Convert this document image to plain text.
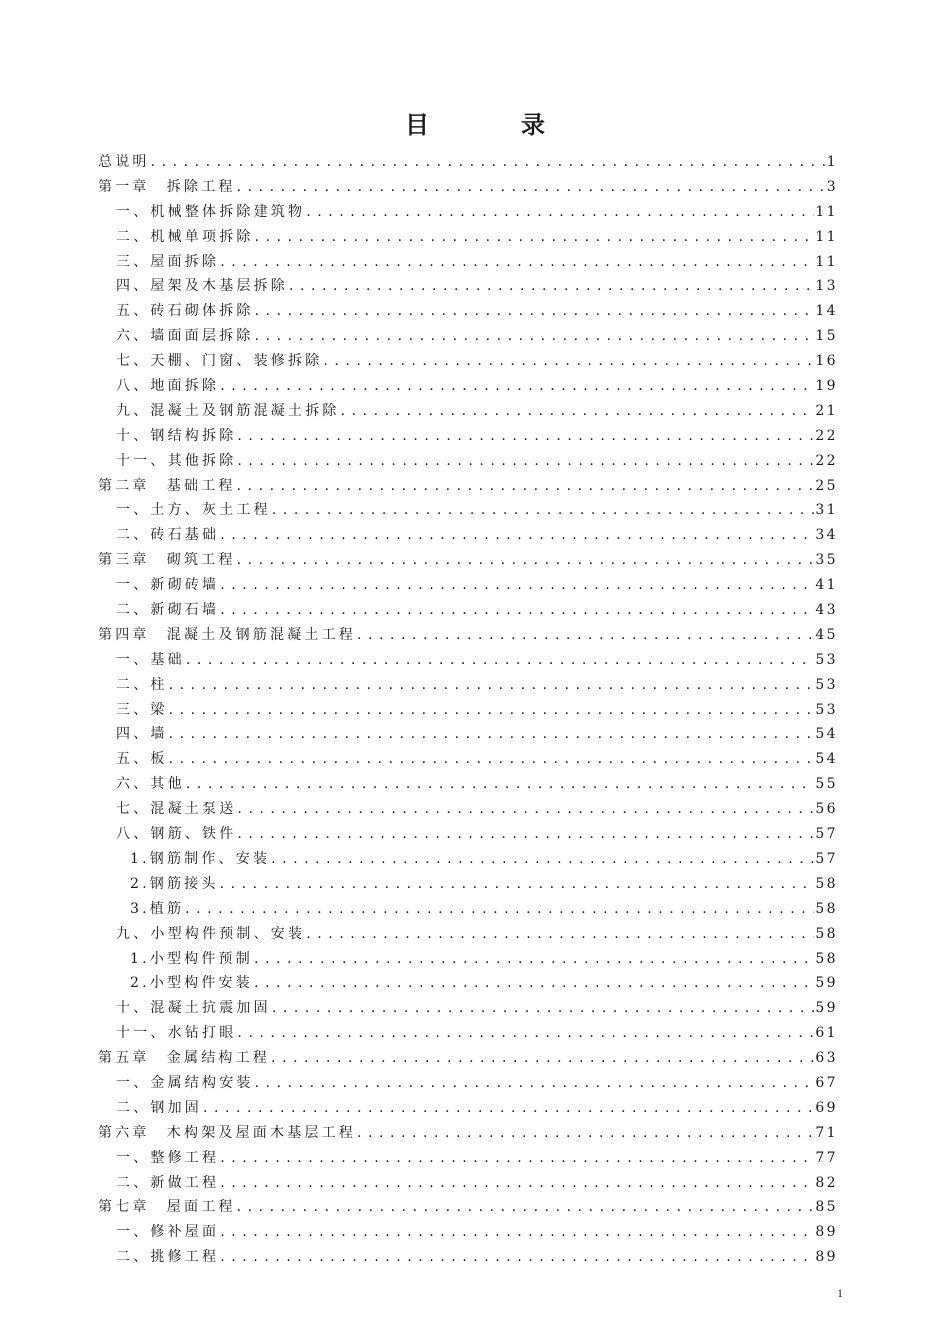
目　录
总说明 . . .	1
第一章　拆除工程 . . .	3
一、机械整体拆除建筑物 . . .	11
二、机械单项拆除 . . .	11
三、屋面拆除 . . .	11
四、屋架及木基层拆除 . . .	13
五、砖石砌体拆除 . . .	14
六、墙面面层拆除 . . .	15
七、天棚、门窗、装修拆除 . . .	16
八、地面拆除 . . .	19
九、混凝土及钢筋混凝土拆除 . . .	21
十、钢结构拆除 . . .	22
十一、其他拆除 . . .	22
第二章　基础工程 . . .	25
一、土方、灰土工程 . . .	31
二、砖石基础 . . .	34
第三章　砌筑工程 . . .	35
一、新砌砖墙 . . .	41
二、新砌石墙 . . .	43
第四章　混凝土及钢筋混凝土工程 . . .	45
一、基础 . . .	53
二、柱 . . .	53
三、梁 . . .	53
四、墙 . . .	54
五、板 . . .	54
六、其他 . . .	55
七、混凝土泵送 . . .	56
八、钢筋、铁件 . . .	57
1.钢筋制作、安装 . . .	57
2.钢筋接头 . . .	58
3.植筋 . . .	58
九、小型构件预制、安装 . . .	58
1.小型构件预制 . . .	58
2.小型构件安装 . . .	59
十、混凝土抗震加固 . . .	59
十一、水钻打眼 . . .	61
第五章　金属结构工程 . . .	63
一、金属结构安装 . . .	67
二、钢加固 . . .	69
第六章　木构架及屋面木基层工程 . . .	71
一、整修工程 . . .	77
二、新做工程 . . .	82
第七章　屋面工程 . . .	85
一、修补屋面 . . .	89
二、挑修工程 . . .	89
1
